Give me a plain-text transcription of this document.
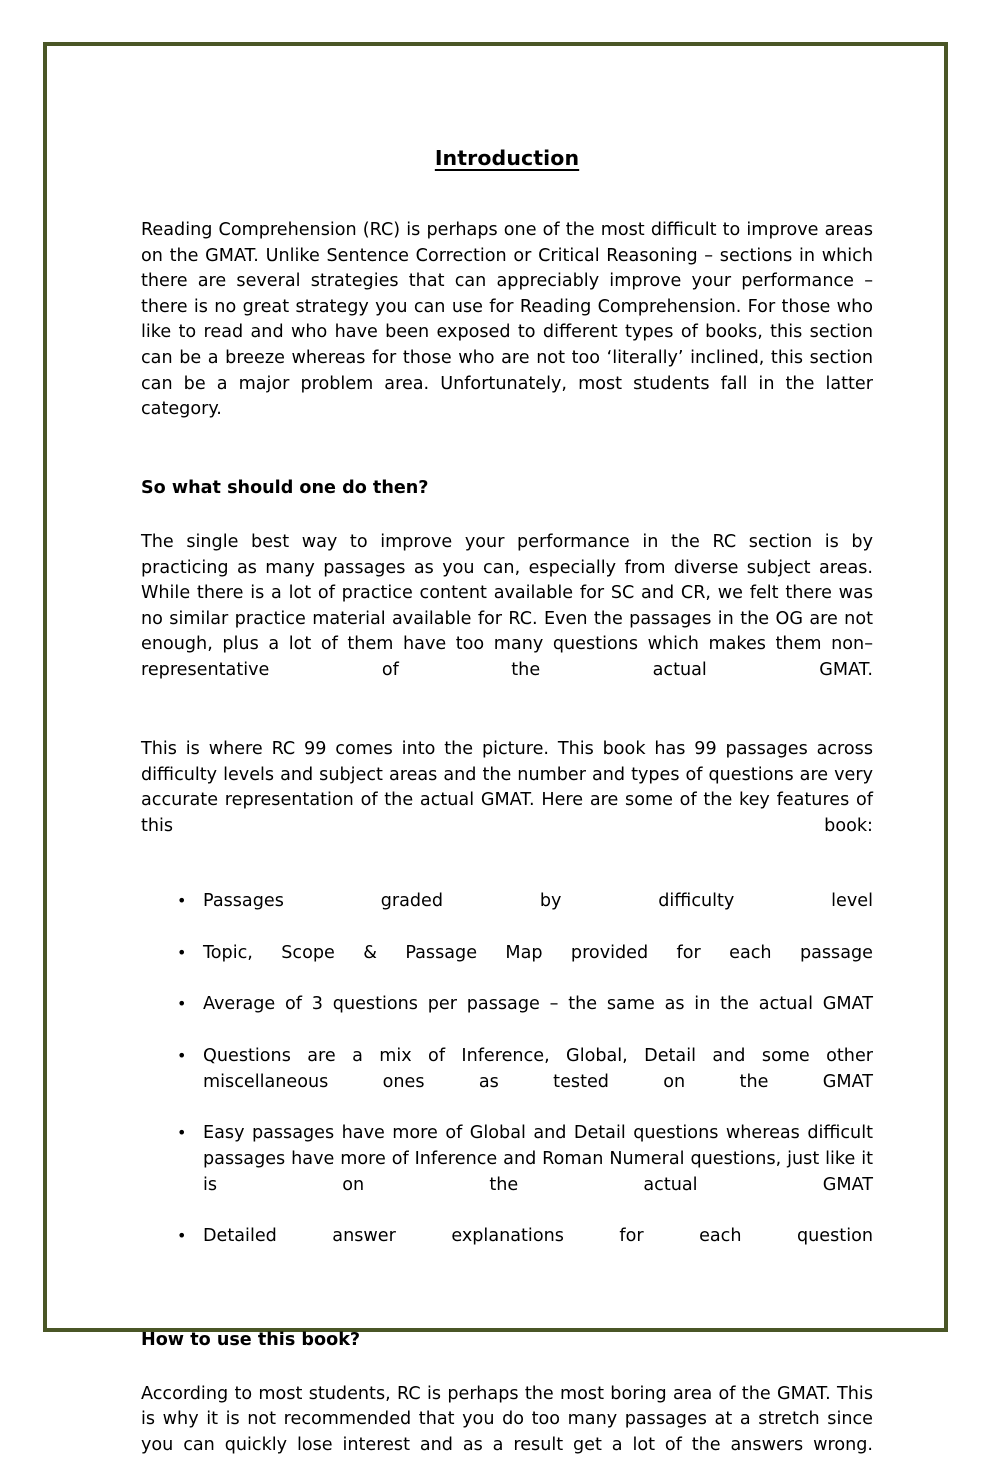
Introduction

Reading Comprehension (RC) is perhaps one of the most difficult to improve areas on the GMAT. Unlike Sentence Correction or Critical Reasoning – sections in which there are several strategies that can appreciably improve your performance – there is no great strategy you can use for Reading Comprehension. For those who like to read and who have been exposed to different types of books, this section can be a breeze whereas for those who are not too ‘literally’ inclined, this section can be a major problem area. Unfortunately, most students fall in the latter category.

So what should one do then?

The single best way to improve your performance in the RC section is by practicing as many passages as you can, especially from diverse subject areas. While there is a lot of practice content available for SC and CR, we felt there was no similar practice material available for RC. Even the passages in the OG are not enough, plus a lot of them have too many questions which makes them non–representative of the actual GMAT.

This is where RC 99 comes into the picture. This book has 99 passages across difficulty levels and subject areas and the number and types of questions are very accurate representation of the actual GMAT. Here are some of the key features of this book:

• Passages graded by difficulty level
• Topic, Scope & Passage Map provided for each passage
• Average of 3 questions per passage – the same as in the actual GMAT
• Questions are a mix of Inference, Global, Detail and some other miscellaneous ones as tested on the GMAT
• Easy passages have more of Global and Detail questions whereas difficult passages have more of Inference and Roman Numeral questions, just like it is on the actual GMAT
• Detailed answer explanations for each question

How to use this book?

According to most students, RC is perhaps the most boring area of the GMAT. This is why it is not recommended that you do too many passages at a stretch since you can quickly lose interest and as a result get a lot of the answers wrong.
